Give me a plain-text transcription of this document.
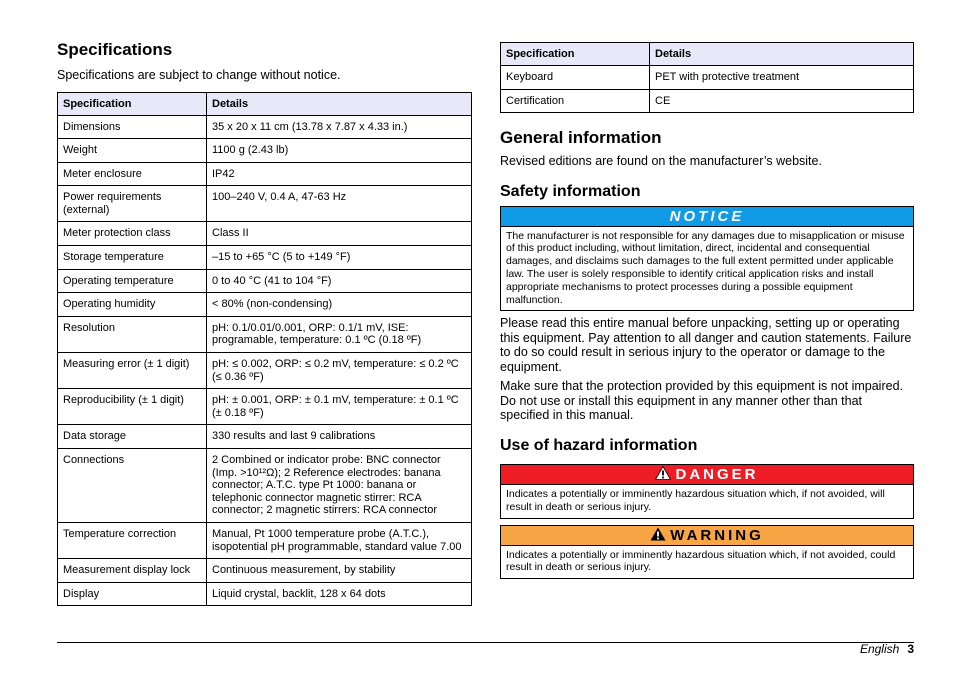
Specifications

Specifications are subject to change without notice.

Specification	Details
Dimensions	35 x 20 x 11 cm (13.78 x 7.87 x 4.33 in.)
Weight	1100 g (2.43 lb)
Meter enclosure	IP42
Power requirements (external)	100–240 V, 0.4 A, 47-63 Hz
Meter protection class	Class II
Storage temperature	–15 to +65 °C (5 to +149 °F)
Operating temperature	0 to 40 °C (41 to 104 °F)
Operating humidity	< 80% (non-condensing)
Resolution	pH: 0.1/0.01/0.001, ORP: 0.1/1 mV, ISE: programable, temperature: 0.1 ºC (0.18 ºF)
Measuring error (± 1 digit)	pH: ≤ 0.002, ORP: ≤ 0.2 mV, temperature: ≤ 0.2 ºC (≤ 0.36 ºF)
Reproducibility (± 1 digit)	pH: ± 0.001, ORP: ± 0.1 mV, temperature: ± 0.1 ºC (± 0.18 ºF)
Data storage	330 results and last 9 calibrations
Connections	2 Combined or indicator probe: BNC connector (Imp. >10¹²Ω); 2 Reference electrodes: banana connector; A.T.C. type Pt 1000: banana or telephonic connector magnetic stirrer: RCA connector; 2 magnetic stirrers: RCA connector
Temperature correction	Manual, Pt 1000 temperature probe (A.T.C.), isopotential pH programmable, standard value 7.00
Measurement display lock	Continuous measurement, by stability
Display	Liquid crystal, backlit, 128 x 64 dots
Specification	Details
Keyboard	PET with protective treatment
Certification	CE
General information

Revised editions are found on the manufacturer’s website.

Safety information
NOTICE
The manufacturer is not responsible for any damages due to misapplication or misuse of this product including, without limitation, direct, incidental and consequential damages, and disclaims such damages to the full extent permitted under applicable law. The user is solely responsible to identify critical application risks and install appropriate mechanisms to protect processes during a possible equipment malfunction.

Please read this entire manual before unpacking, setting up or operating this equipment. Pay attention to all danger and caution statements. Failure to do so could result in serious injury to the operator or damage to the equipment.

Make sure that the protection provided by this equipment is not impaired. Do not use or install this equipment in any manner other than that specified in this manual.

Use of hazard information
DANGER
Indicates a potentially or imminently hazardous situation which, if not avoided, will result in death or serious injury.
WARNING
Indicates a potentially or imminently hazardous situation which, if not avoided, could result in death or serious injury.
English 3
